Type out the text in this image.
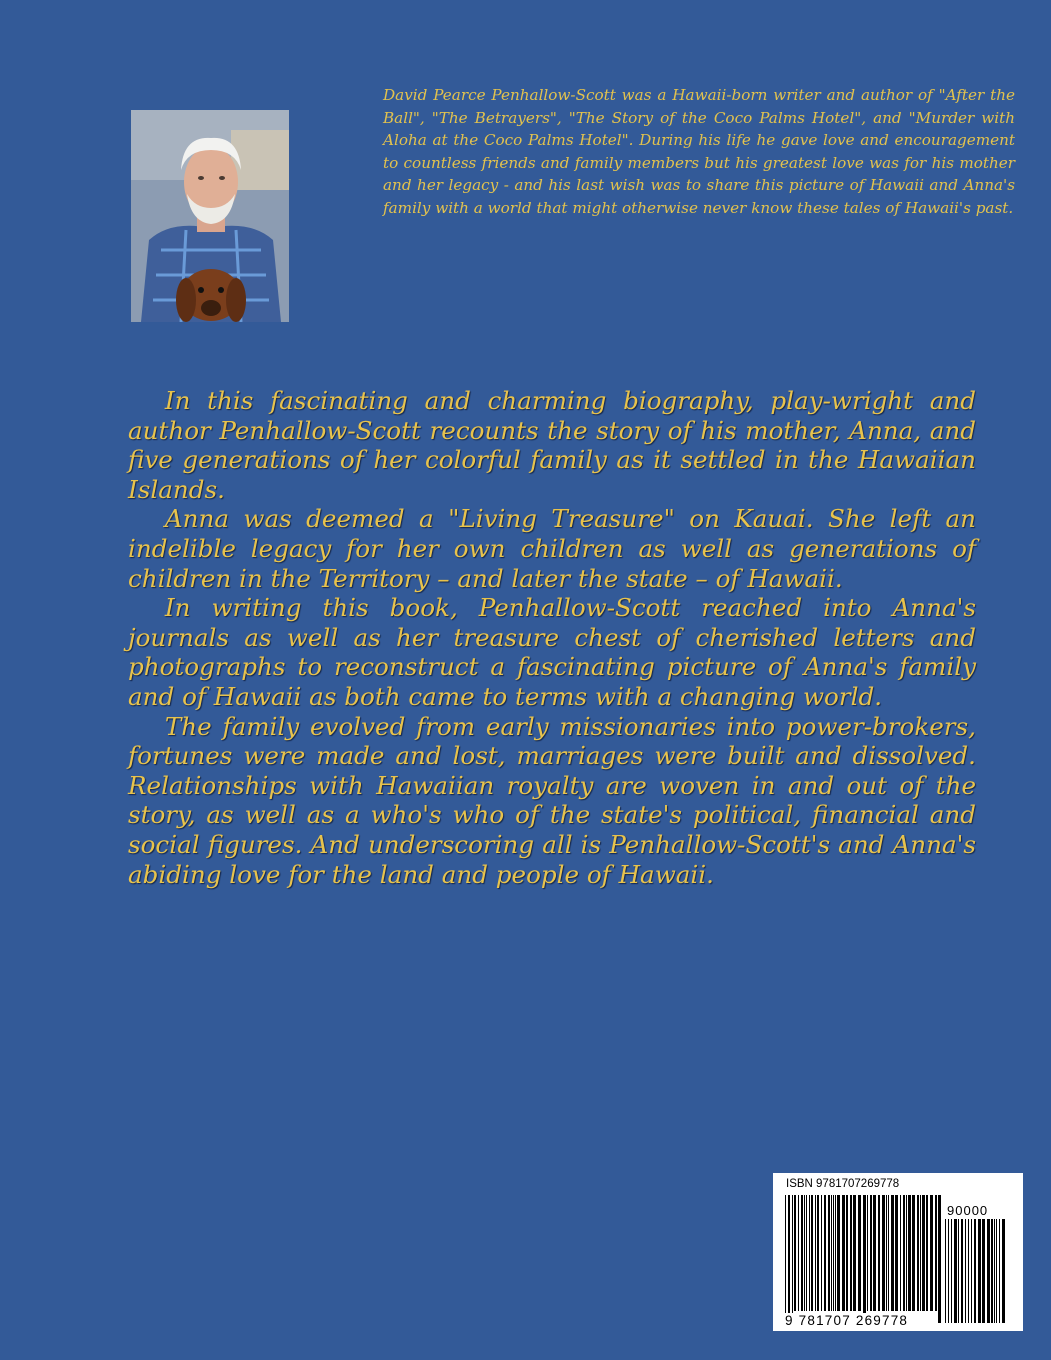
David Pearce Penhallow-Scott was a Hawaii-born writer and author of "After the Ball", "The Betrayers", "The Story of the Coco Palms Hotel", and "Murder with Aloha at the Coco Palms Hotel". During his life he gave love and encouragement to countless friends and family members but his greatest love was for his mother and her legacy - and his last wish was to share this picture of Hawaii and Anna's family with a world that might otherwise never know these tales of Hawaii's past.

  In this fascinating and charming biography, play-wright and author Penhallow-Scott recounts the story of his mother, Anna, and five generations of her colorful family as it settled in the Hawaiian Islands.

  Anna was deemed a "Living Treasure" on Kauai. She left an indelible legacy for her own children as well as generations of children in the Territory – and later the state – of Hawaii.

  In writing this book, Penhallow-Scott reached into Anna's journals as well as her treasure chest of cherished letters and photographs to reconstruct a fascinating picture of Anna's family and of Hawaii as both came to terms with a changing world.

  The family evolved from early missionaries into power-brokers, fortunes were made and lost, marriages were built and dissolved. Relationships with Hawaiian royalty are woven in and out of the story, as well as a who's who of the state's political, financial and social figures. And underscoring all is Penhallow-Scott's and Anna's abiding love for the land and people of Hawaii.

ISBN 9781707269778
90000
9 781707 269778
